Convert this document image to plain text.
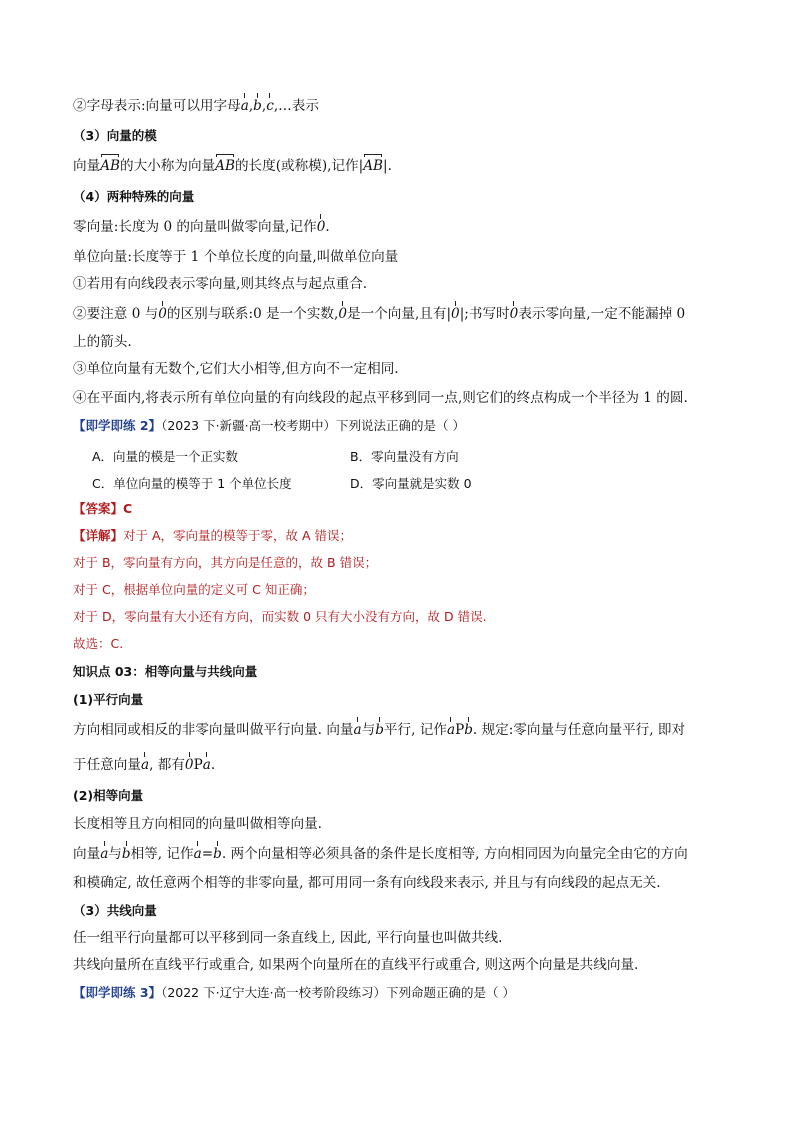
②字母表示:向量可以用字母a,b,c,…表示
（3）向量的模
向量AB的大小称为向量AB的长度(或称模),记作|AB|.
（4）两种特殊的向量
零向量:长度为 0 的向量叫做零向量,记作0.
单位向量:长度等于 1 个单位长度的向量,叫做单位向量
①若用有向线段表示零向量,则其终点与起点重合.
②要注意 0 与0的区别与联系:0 是一个实数,0是一个向量,且有|0|;书写时0表示零向量,一定不能漏掉 0
上的箭头.
③单位向量有无数个,它们大小相等,但方向不一定相同.
④在平面内,将表示所有单位向量的有向线段的起点平移到同一点,则它们的终点构成一个半径为 1 的圆.
【即学即练 2】（2023 下·新疆·高一校考期中）下列说法正确的是（ ）
A．向量的模是一个正实数	B．零向量没有方向
C．单位向量的模等于 1 个单位长度	D．零向量就是实数 0
【答案】C
【详解】对于 A，零向量的模等于零，故 A 错误；
对于 B，零向量有方向，其方向是任意的，故 B 错误；
对于 C，根据单位向量的定义可 C 知正确；
对于 D，零向量有大小还有方向，而实数 0 只有大小没有方向，故 D 错误.
故选：C.
知识点 03：相等向量与共线向量
(1)平行向量
方向相同或相反的非零向量叫做平行向量. 向量a与b平行, 记作aPb. 规定:零向量与任意向量平行, 即对
于任意向量a, 都有0Pa.
(2)相等向量
长度相等且方向相同的向量叫做相等向量.
向量a与b相等, 记作a=b. 两个向量相等必须具备的条件是长度相等, 方向相同因为向量完全由它的方向
和模确定, 故任意两个相等的非零向量, 都可用同一条有向线段来表示, 并且与有向线段的起点无关.
（3）共线向量
任一组平行向量都可以平移到同一条直线上, 因此, 平行向量也叫做共线.
共线向量所在直线平行或重合, 如果两个向量所在的直线平行或重合, 则这两个向量是共线向量.
【即学即练 3】（2022 下·辽宁大连·高一校考阶段练习）下列命题正确的是（ ）
